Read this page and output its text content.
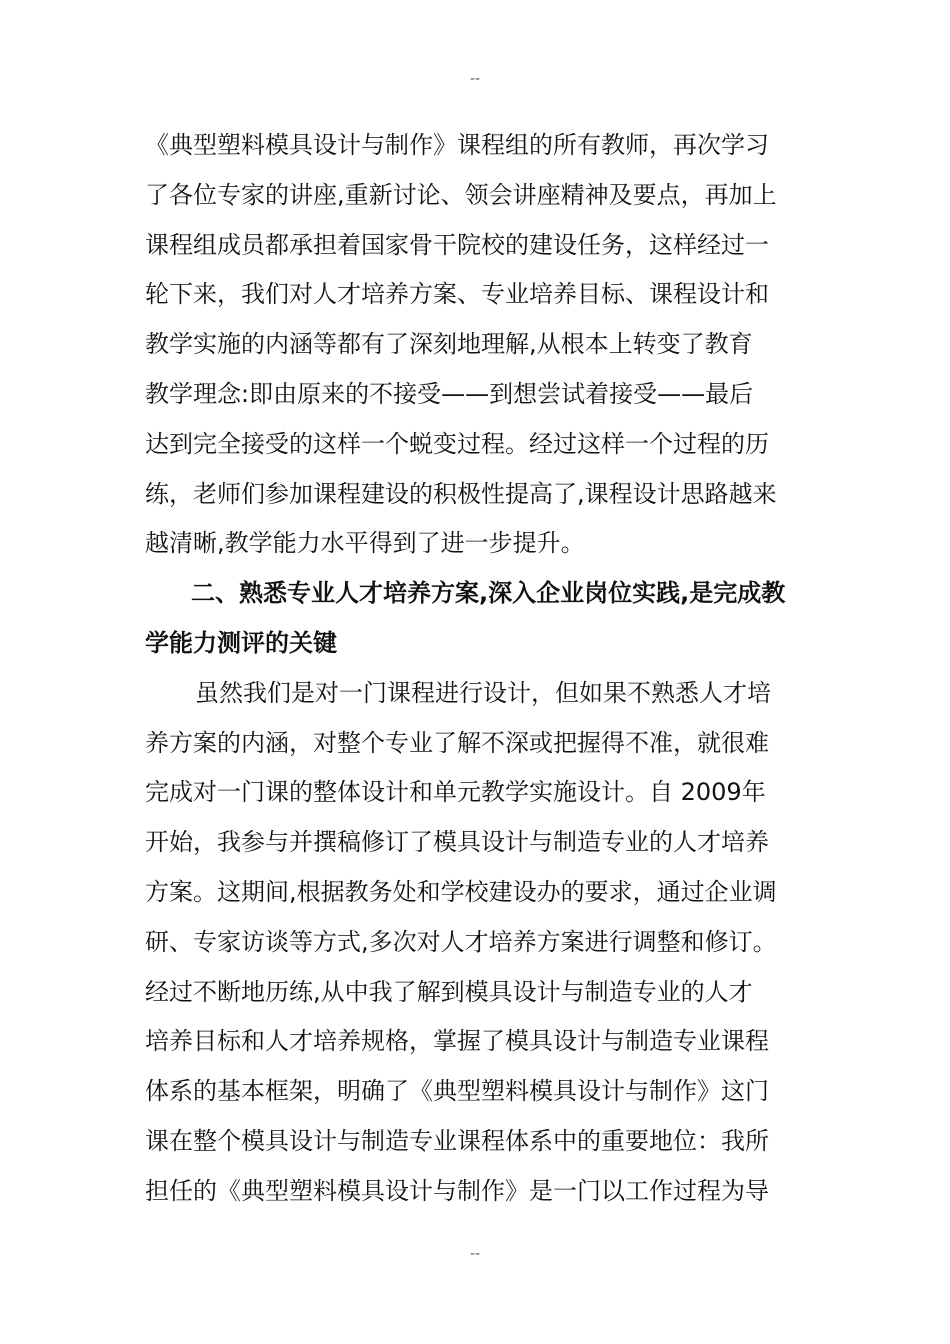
--
《典型塑料模具设计与制作》课程组的所有教师，再次学习
了各位专家的讲座,重新讨论、领会讲座精神及要点，再加上
课程组成员都承担着国家骨干院校的建设任务，这样经过一
轮下来，我们对人才培养方案、专业培养目标、课程设计和
教学实施的内涵等都有了深刻地理解,从根本上转变了教育
教学理念:即由原来的不接受——到想尝试着接受——最后
达到完全接受的这样一个蜕变过程。经过这样一个过程的历
练，老师们参加课程建设的积极性提高了,课程设计思路越来
越清晰,教学能力水平得到了进一步提升。
二、熟悉专业人才培养方案,深入企业岗位实践,是完成教
学能力测评的关键
虽然我们是对一门课程进行设计，但如果不熟悉人才培
养方案的内涵，对整个专业了解不深或把握得不准，就很难
完成对一门课的整体设计和单元教学实施设计。自 2009年
开始，我参与并撰稿修订了模具设计与制造专业的人才培养
方案。这期间,根据教务处和学校建设办的要求，通过企业调
研、专家访谈等方式,多次对人才培养方案进行调整和修订。
经过不断地历练,从中我了解到模具设计与制造专业的人才
培养目标和人才培养规格，掌握了模具设计与制造专业课程
体系的基本框架，明确了《典型塑料模具设计与制作》这门
课在整个模具设计与制造专业课程体系中的重要地位：我所
担任的《典型塑料模具设计与制作》是一门以工作过程为导
--
